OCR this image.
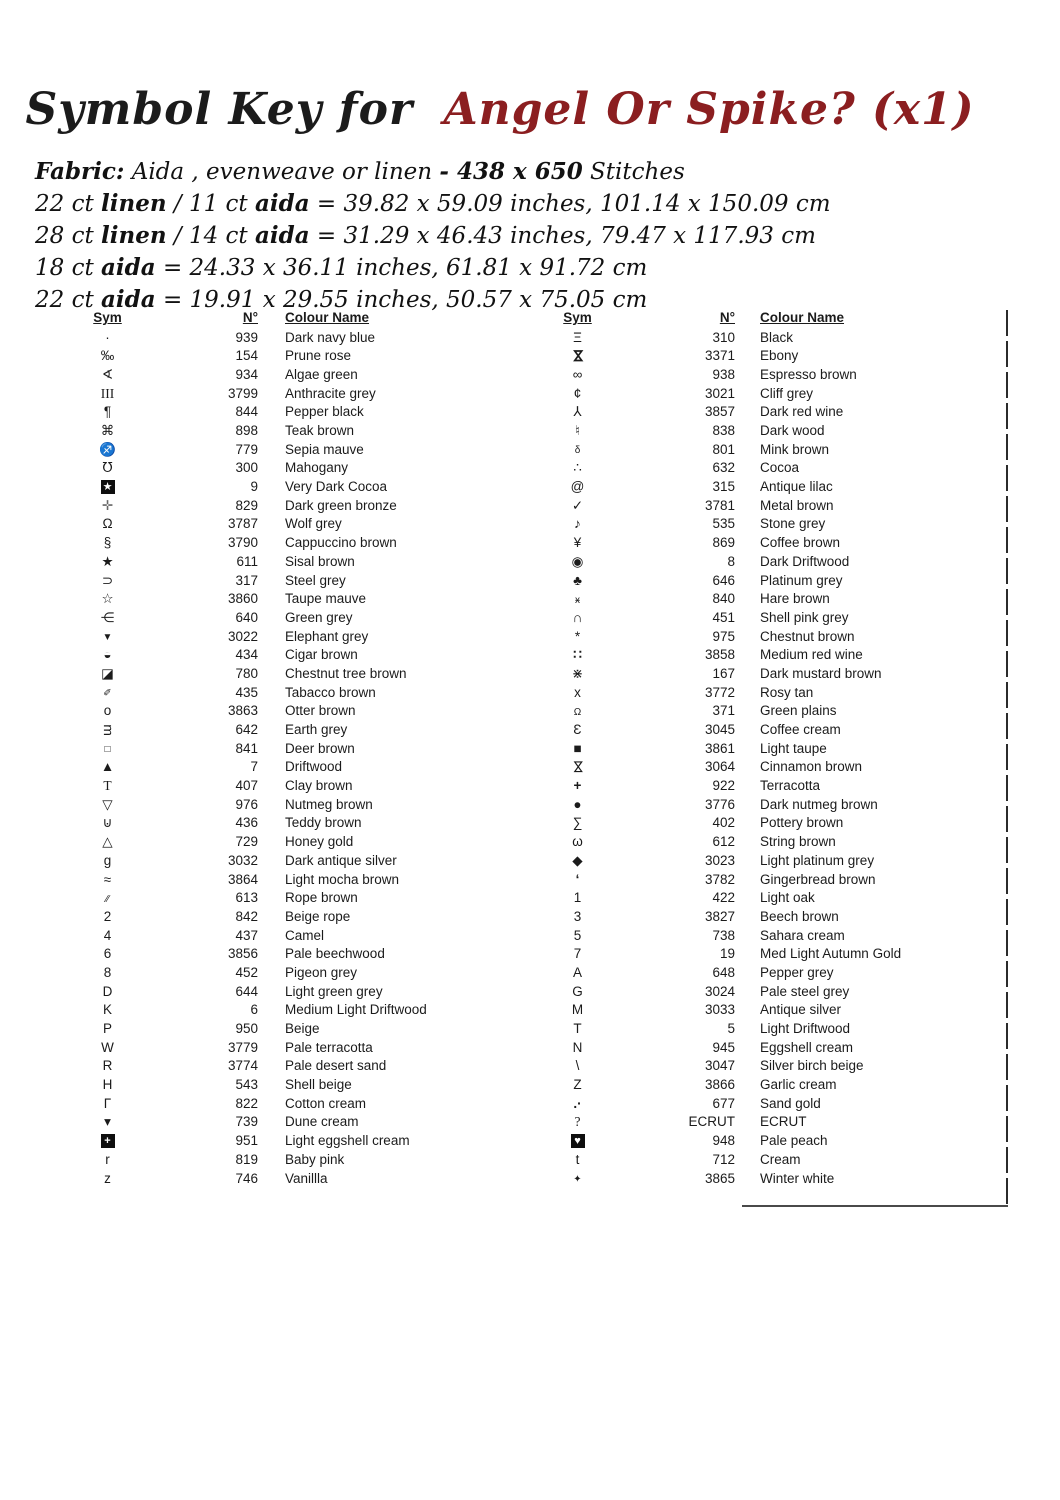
Symbol Key for Angel Or Spike? (x1)
Fabric: Aida , evenweave or linen - 438 x 650 Stitches
22 ct linen / 11 ct aida = 39.82 x 59.09 inches, 101.14 x 150.09 cm
28 ct linen / 14 ct aida = 31.29 x 46.43 inches, 79.47 x 117.93 cm
18 ct aida = 24.33 x 36.11 inches, 61.81 x 91.72 cm
22 ct aida = 19.91 x 29.55 inches, 50.57 x 75.05 cm
Sym	N°	Colour Name
·	939	Dark navy blue
‰	154	Prune rose
∢	934	Algae green
III	3799	Anthracite grey
¶	844	Pepper black
⌘	898	Teak brown
♐	779	Sepia mauve
℧	300	Mahogany
★	9	Very Dark Cocoa
✛	829	Dark green bronze
Ω	3787	Wolf grey
§	3790	Cappuccino brown
★	611	Sisal brown
⊃	317	Steel grey
☆	3860	Taupe mauve
⋲	640	Green grey
▼	3022	Elephant grey
◒	434	Cigar brown
◪	780	Chestnut tree brown
✐	435	Tabacco brown
o	3863	Otter brown
ᴟ	642	Earth grey
□	841	Deer brown
▲	7	Driftwood
T	407	Clay brown
▽	976	Nutmeg brown
⊍	436	Teddy brown
△	729	Honey gold
g	3032	Dark antique silver
≈	3864	Light mocha brown
∕∕	613	Rope brown
2	842	Beige rope
4	437	Camel
6	3856	Pale beechwood
8	452	Pigeon grey
D	644	Light green grey
K	6	Medium Light Driftwood
P	950	Beige
W	3779	Pale terracotta
R	3774	Pale desert sand
H	543	Shell beige
Γ	822	Cotton cream
▾	739	Dune cream
+	951	Light eggshell cream
r	819	Baby pink
z	746	Vanillla
Sym	N°	Colour Name
Ξ	310	Black
⋈	3371	Ebony
∞	938	Espresso brown
¢	3021	Cliff grey
⅄	3857	Dark red wine
♮	838	Dark wood
δ	801	Mink brown
∴	632	Cocoa
@	315	Antique lilac
✓	3781	Metal brown
♪	535	Stone grey
¥	869	Coffee brown
◉	8	Dark Driftwood
♣	646	Platinum grey
ӿ	840	Hare brown
∩	451	Shell pink grey
*	975	Chestnut brown
∷	3858	Medium red wine
⋇	167	Dark mustard brown
x	3772	Rosy tan
Ω	371	Green plains
Ɛ	3045	Coffee cream
■	3861	Light taupe
⋈	3064	Cinnamon brown
+	922	Terracotta
●	3776	Dark nutmeg brown
∑	402	Pottery brown
ω	612	String brown
◆	3023	Light platinum grey
‘	3782	Gingerbread brown
1	422	Light oak
3	3827	Beech brown
5	738	Sahara cream
7	19	Med Light Autumn Gold
A	648	Pepper grey
G	3024	Pale steel grey
M	3033	Antique silver
T	5	Light Driftwood
N	945	Eggshell cream
\	3047	Silver birch beige
Z	3866	Garlic cream
.·	677	Sand gold
?	ECRUT	ECRUT
♥	948	Pale peach
t	712	Cream
✦	3865	Winter white
